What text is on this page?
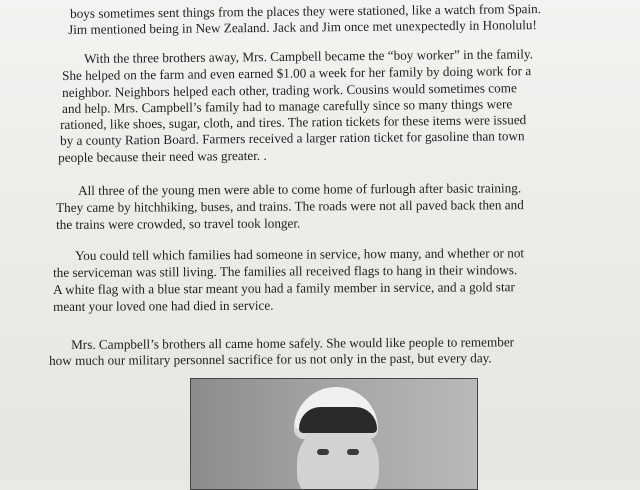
boys sometimes sent things from the places they were stationed, like a watch from Spain.
Jim mentioned being in New Zealand. Jack and Jim once met unexpectedly in Honolulu!
With the three brothers away, Mrs. Campbell became the “boy worker” in the family.
She helped on the farm and even earned $1.00 a week for her family by doing work for a
neighbor. Neighbors helped each other, trading work. Cousins would sometimes come
and help. Mrs. Campbell’s family had to manage carefully since so many things were
rationed, like shoes, sugar, cloth, and tires. The ration tickets for these items were issued
by a county Ration Board. Farmers received a larger ration ticket for gasoline than town
people because their need was greater. .
All three of the young men were able to come home of furlough after basic training.
They came by hitchhiking, buses, and trains. The roads were not all paved back then and
the trains were crowded, so travel took longer.
You could tell which families had someone in service, how many, and whether or not
the serviceman was still living. The families all received flags to hang in their windows.
A white flag with a blue star meant you had a family member in service, and a gold star
meant your loved one had died in service.
Mrs. Campbell’s brothers all came home safely. She would like people to remember
how much our military personnel sacrifice for us not only in the past, but every day.
